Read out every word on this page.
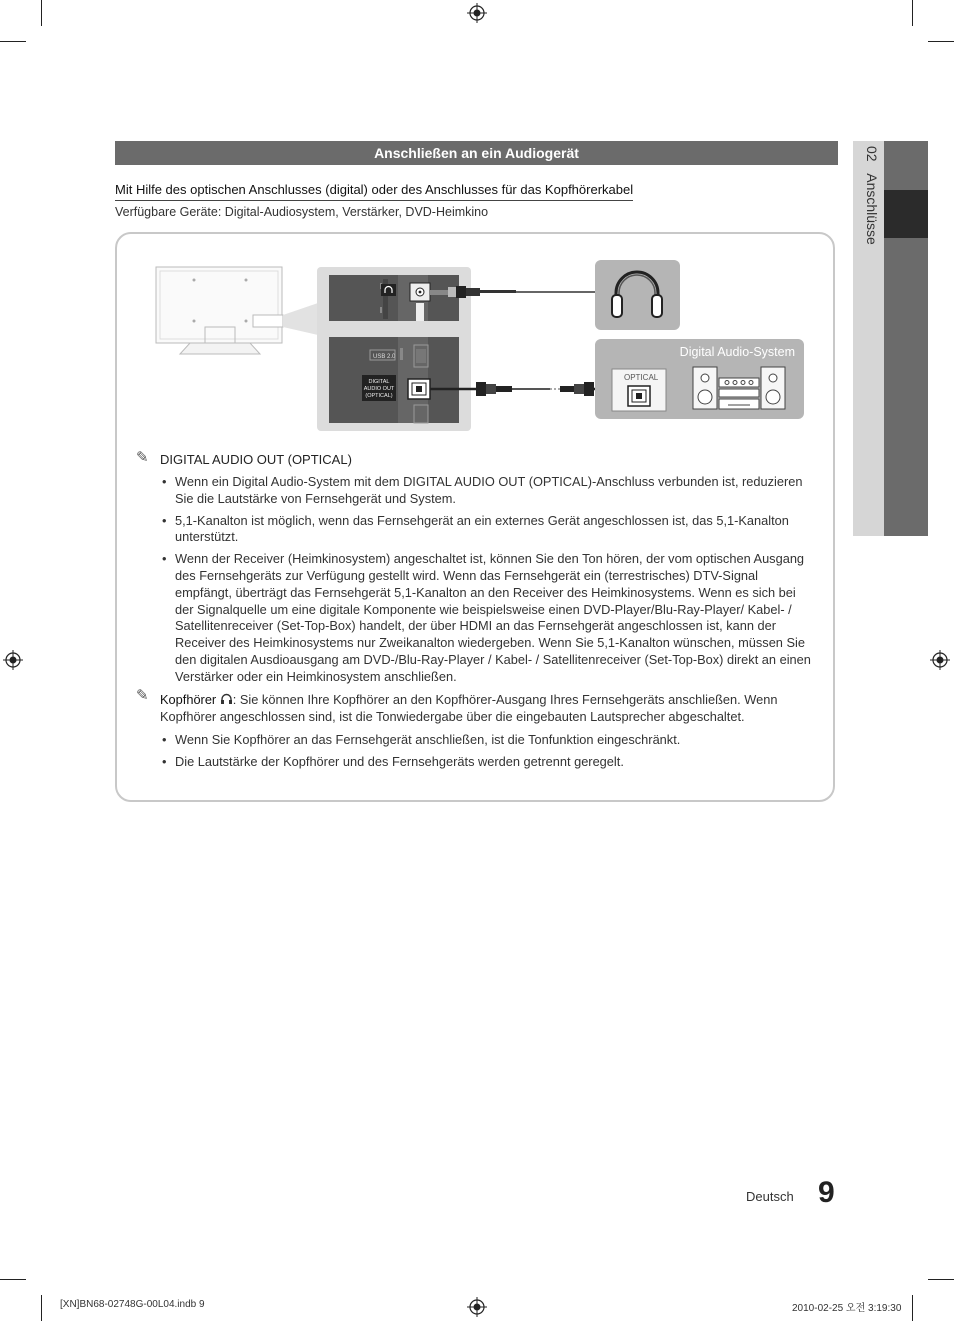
02   Anschlüsse
Anschließen an ein Audiogerät
Mit Hilfe des optischen Anschlusses (digital) oder des Anschlusses für das Kopfhörerkabel
Verfügbare Geräte: Digital-Audiosystem, Verstärker, DVD-Heimkino
USB 2.0
DIGITAL
AUDIO OUT
(OPTICAL)
Digital Audio-System
OPTICAL
✎ DIGITAL AUDIO OUT (OPTICAL)
• Wenn ein Digital Audio-System mit dem DIGITAL AUDIO OUT (OPTICAL)-Anschluss verbunden ist, reduzieren Sie die Lautstärke von Fernsehgerät und System.
• 5,1-Kanalton ist möglich, wenn das Fernsehgerät an ein externes Gerät angeschlossen ist, das 5,1-Kanalton unterstützt.
• Wenn der Receiver (Heimkinosystem) angeschaltet ist, können Sie den Ton hören, der vom optischen Ausgang des Fernsehgeräts zur Verfügung gestellt wird. Wenn das Fernsehgerät ein (terrestrisches) DTV-Signal empfängt, überträgt das Fernsehgerät 5,1-Kanalton an den Receiver des Heimkinosystems. Wenn es sich bei der Signalquelle um eine digitale Komponente wie beispielsweise einen DVD-Player/Blu-Ray-Player/ Kabel- / Satellitenreceiver (Set-Top-Box) handelt, der über HDMI an das Fernsehgerät angeschlossen ist, kann der Receiver des Heimkinosystems nur Zweikanalton wiedergeben. Wenn Sie 5,1-Kanalton wünschen, müssen Sie den digitalen Ausdioausgang am DVD-/Blu-Ray-Player / Kabel- / Satellitenreceiver (Set-Top-Box) direkt an einen Verstärker oder ein Heimkinosystem anschließen.
✎ Kopfhörer : Sie können Ihre Kopfhörer an den Kopfhörer-Ausgang Ihres Fernsehgeräts anschließen. Wenn Kopfhörer angeschlossen sind, ist die Tonwiedergabe über die eingebauten Lautsprecher abgeschaltet.
• Wenn Sie Kopfhörer an das Fernsehgerät anschließen, ist die Tonfunktion eingeschränkt.
• Die Lautstärke der Kopfhörer und des Fernsehgeräts werden getrennt geregelt.
Deutsch 9
[XN]BN68-02748G-00L04.indb 9	2010-02-25 오전 3:19:30
